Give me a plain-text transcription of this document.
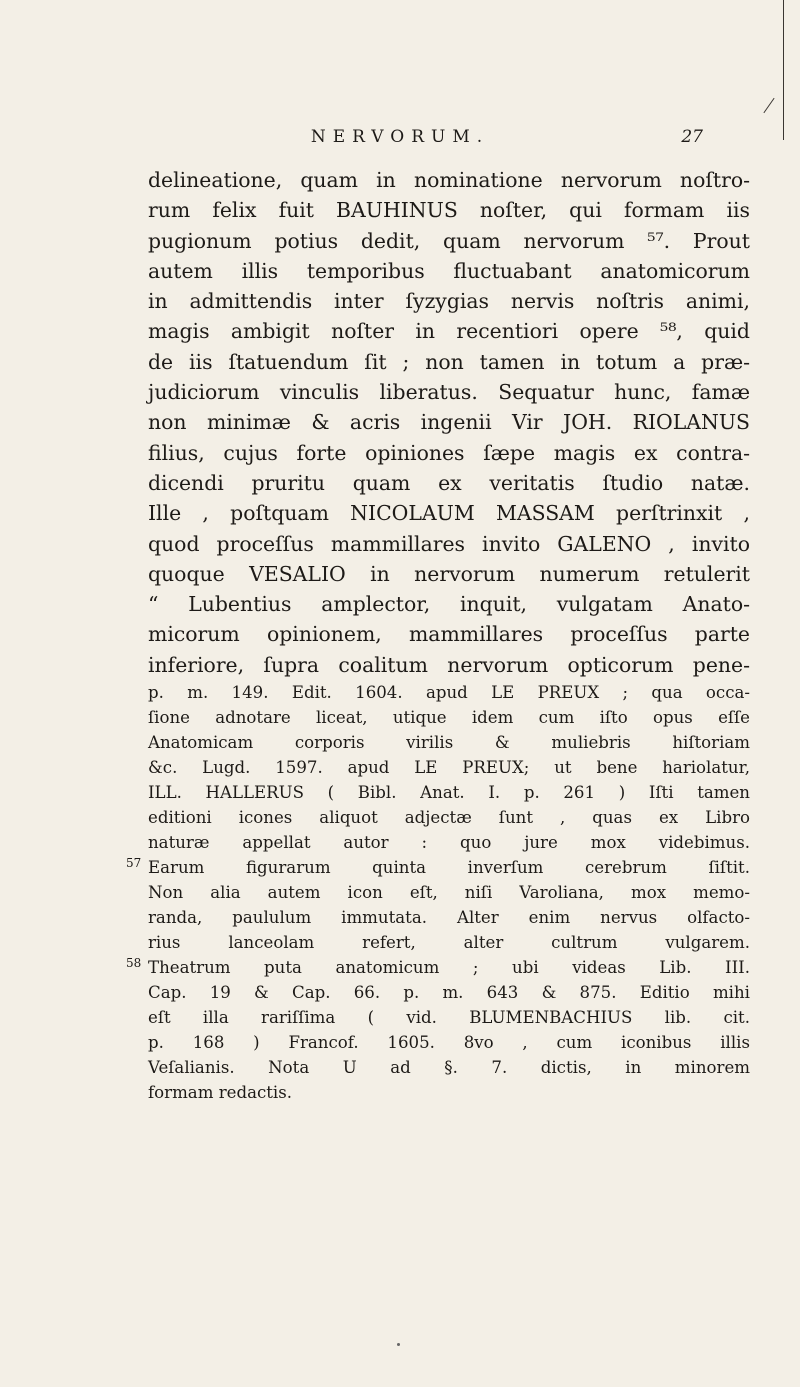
NERVORUM.	27
delineatione, quam in nominatione nervorum noſtro-
rum felix fuit BAUHINUS noſter, qui formam iis
pugionum potius dedit, quam nervorum ⁵⁷. Prout
autem illis temporibus fluctuabant anatomicorum
in admittendis inter ſyzygias nervis noſtris animi,
magis ambigit noſter in recentiori opere ⁵⁸, quid
de iis ſtatuendum ſit ; non tamen in totum a præ-
judiciorum vinculis liberatus. Sequatur hunc, famæ
non minimæ & acris ingenii Vir JOH. RIOLANUS
filius, cujus forte opiniones ſæpe magis ex contra-
dicendi pruritu quam ex veritatis ſtudio natæ.
Ille , poſtquam NICOLAUM MASSAM perſtrinxit ,
quod proceſſus mammillares invito GALENO , invito
quoque VESALIO in nervorum numerum retulerit
“ Lubentius amplector, inquit, vulgatam Anato-
micorum opinionem, mammillares proceſſus parte
inferiore, ſupra coalitum nervorum opticorum pene-
p. m. 149. Edit. 1604. apud LE PREUX ; qua occa-
ſione adnotare liceat, utique idem cum iſto opus eſſe
Anatomicam corporis virilis & muliebris hiſtoriam
&c. Lugd. 1597. apud LE PREUX; ut bene hariolatur,
ILL. HALLERUS ( Bibl. Anat. I. p. 261 ) Iſti tamen
editioni icones aliquot adjectæ ſunt , quas ex Libro
naturæ appellat autor : quo jure mox videbimus.
57 Earum figurarum quinta inverſum cerebrum ſiſtit.
Non alia autem icon eſt, niſi Varoliana, mox memo-
randa, paululum immutata. Alter enim nervus olfacto-
rius lanceolam refert, alter cultrum vulgarem.
58 Theatrum puta anatomicum ; ubi videas Lib. III.
Cap. 19 & Cap. 66. p. m. 643 & 875. Editio mihi
eſt illa rariſſima ( vid. BLUMENBACHIUS lib. cit.
p. 168 ) Francof. 1605. 8vo , cum iconibus illis
Veſalianis. Nota U ad §. 7. dictis, in minorem
formam redactis.
